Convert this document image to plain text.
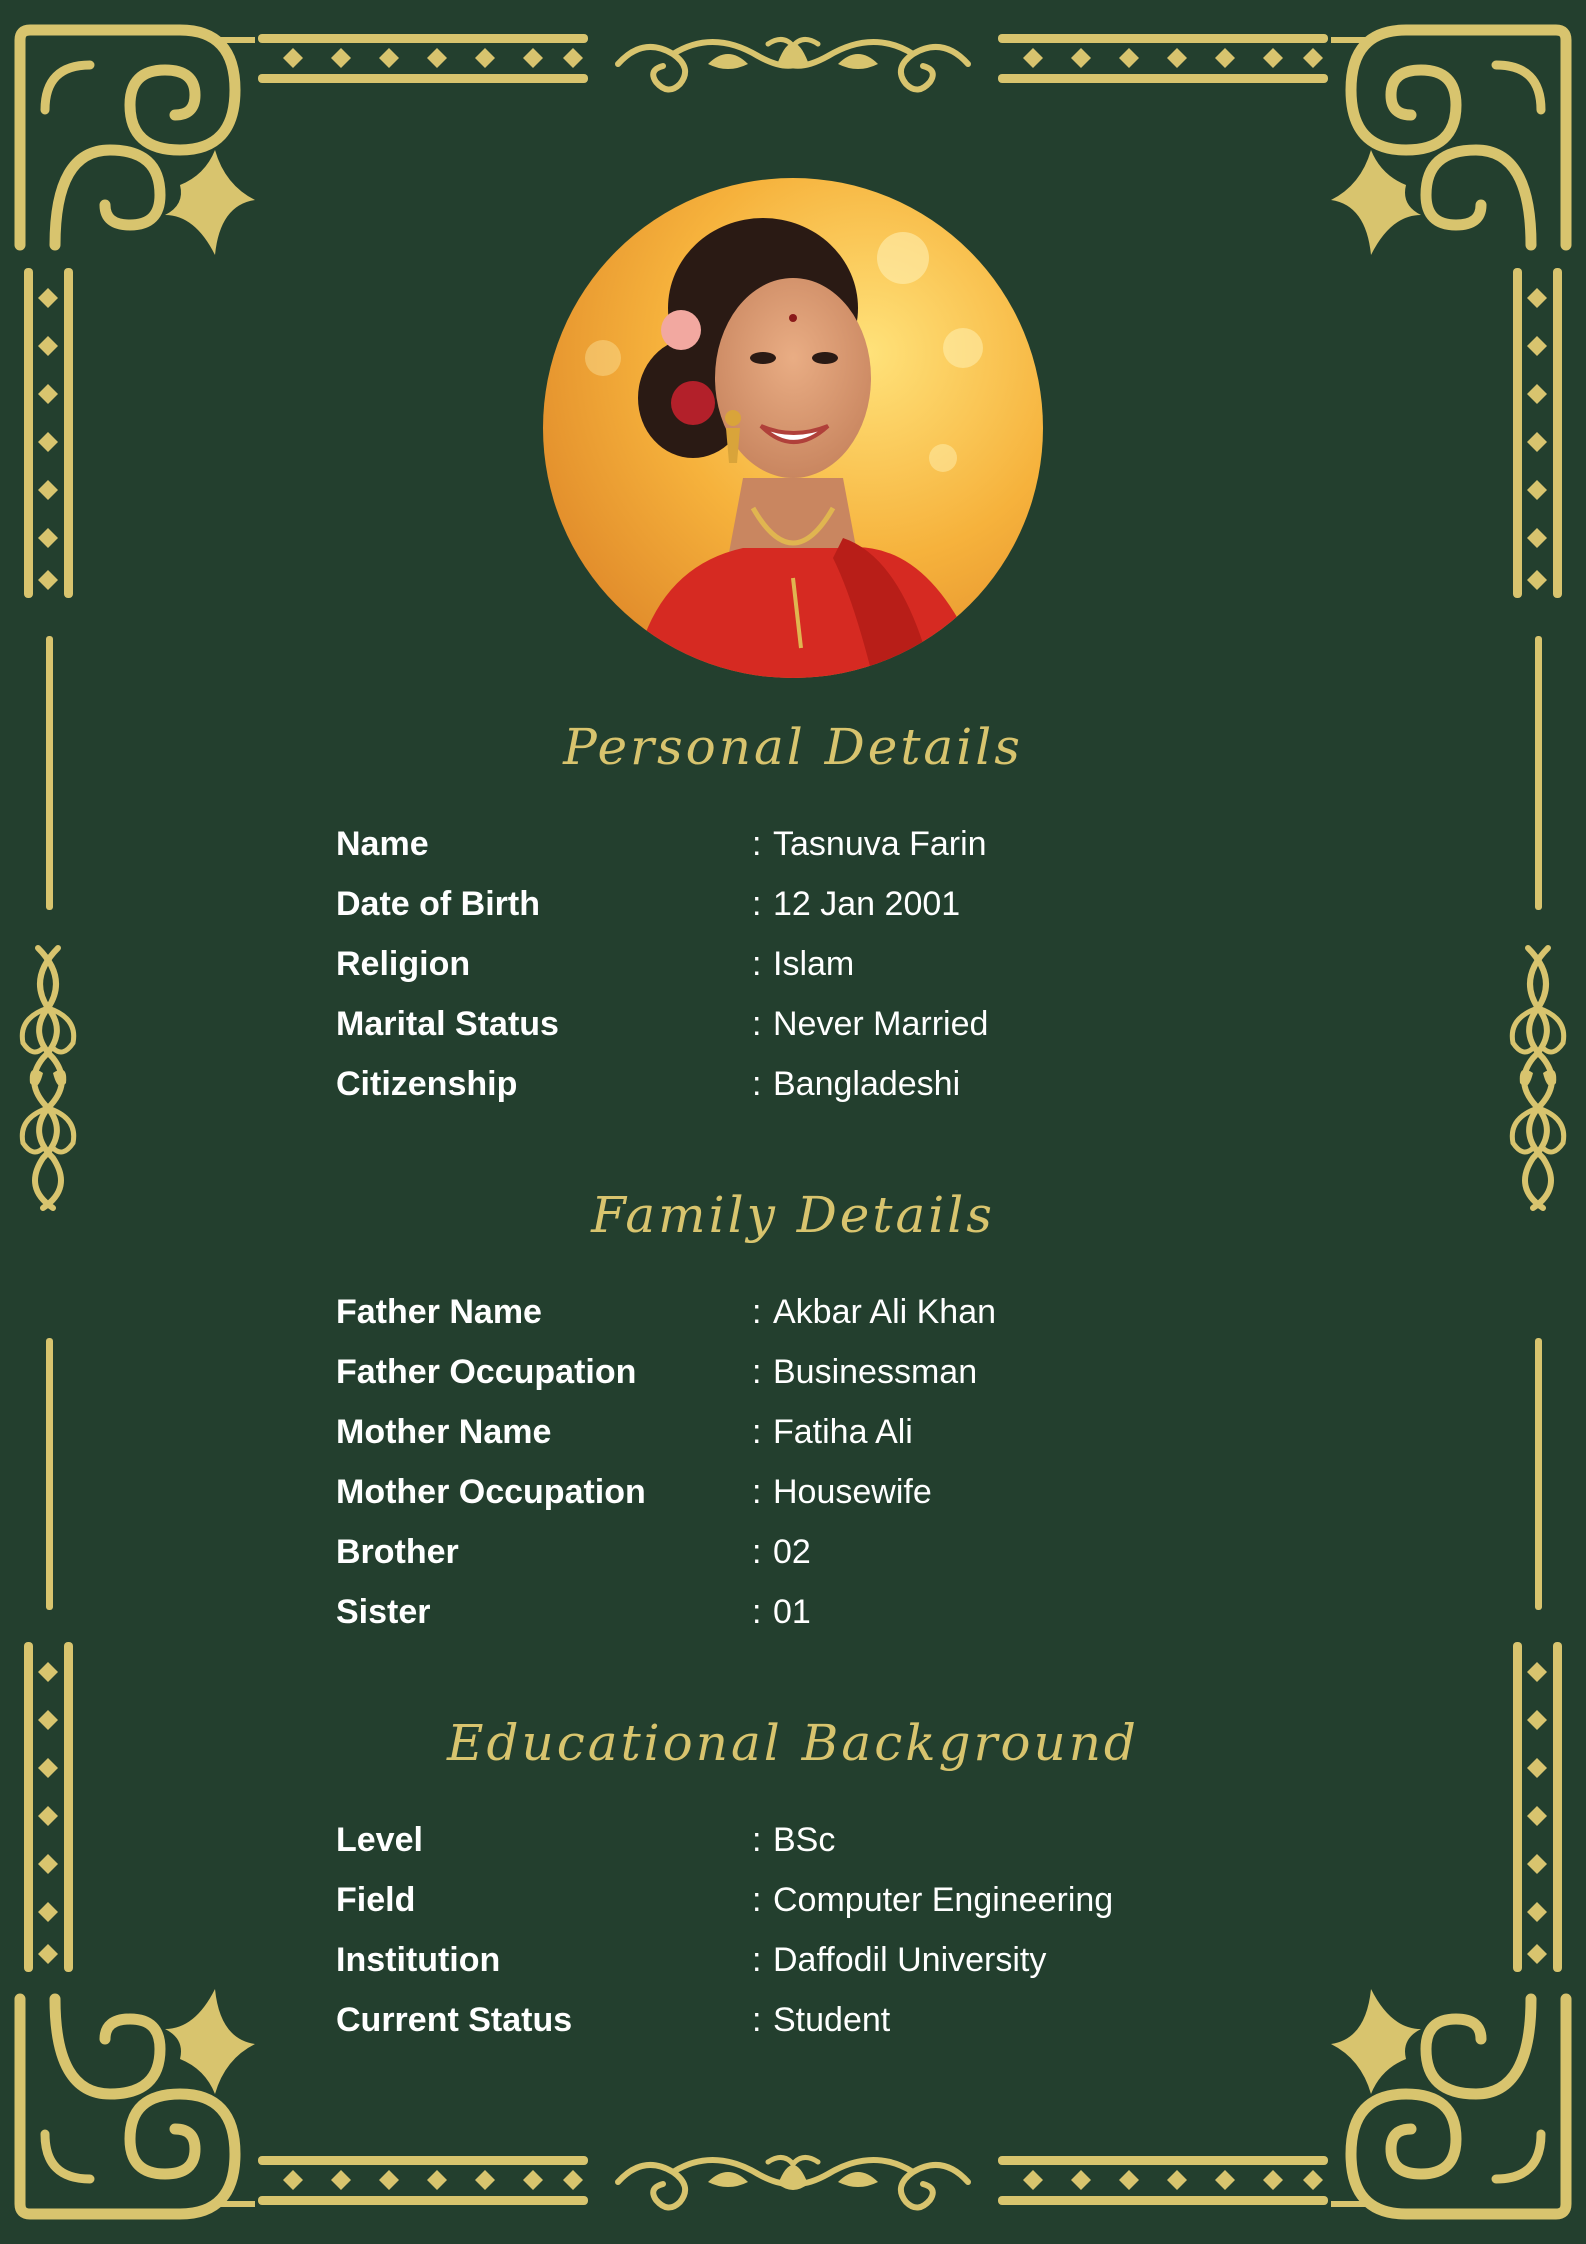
Personal Details
Name	: Tasnuva Farin
Date of Birth	: 12 Jan 2001
Religion	: Islam
Marital Status	: Never Married
Citizenship	: Bangladeshi
Family Details
Father Name	: Akbar Ali Khan
Father Occupation	: Businessman
Mother Name	: Fatiha Ali
Mother Occupation	: Housewife
Brother	: 02
Sister	: 01
Educational Background
Level	: BSc
Field	: Computer Engineering
Institution	: Daffodil University
Current Status	: Student
